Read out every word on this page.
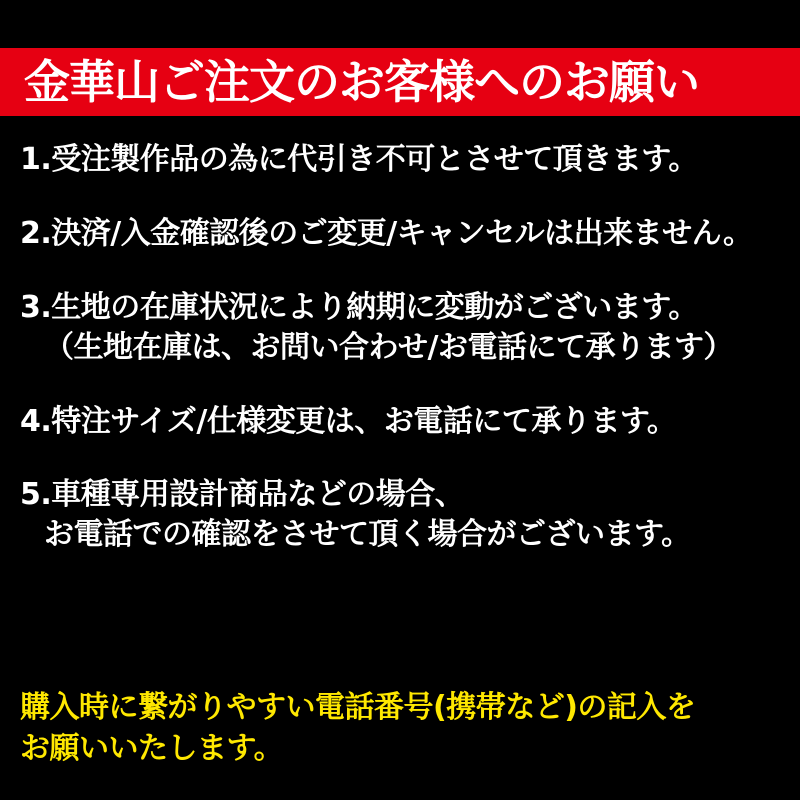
金華山ご注文のお客様へのお願い
1.受注製作品の為に代引き不可とさせて頂きます。
2.決済/入金確認後のご変更/キャンセルは出来ません。
3.生地の在庫状況により納期に変動がございます。
（生地在庫は、お問い合わせ/お電話にて承ります）
4.特注サイズ/仕様変更は、お電話にて承ります。
5.車種専用設計商品などの場合、
お電話での確認をさせて頂く場合がございます。
購入時に繋がりやすい電話番号(携帯など)の記入を
お願いいたします。
